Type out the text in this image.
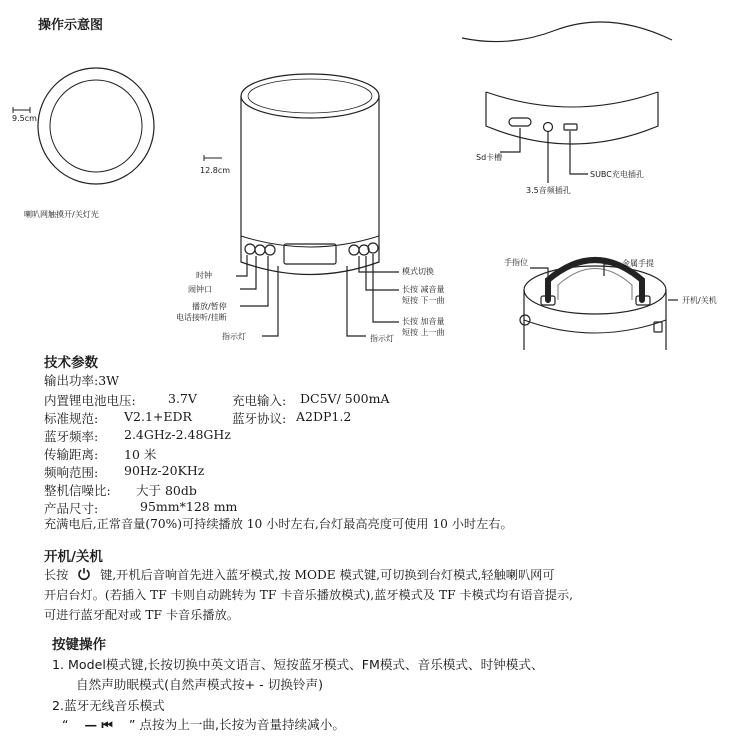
操作示意图
9.5cm
12.8cm
喇叭网触摸开/关灯光
时钟
闹钟口
播放/暂停
电话接听/挂断
指示灯
模式切换
长按 减音量
短按 下一曲
长按 加音量
短按 上一曲
指示灯
Sd卡槽
3.5音频插孔
SUBC充电插孔
手指位	金属手提
开机/关机
技术参数
输出功率:3W
内置锂电池电压:	3.7V	充电输入: DC5V/ 500mA
标准规范: V2.1+EDR	蓝牙协议: A2DP1.2
蓝牙频率: 2.4GHz-2.48GHz
传输距离: 10 米
频响范围: 90Hz-20KHz
整机信噪比: 大于 80db
产品尺寸:	95mm*128 mm
充满电后,正常音量(70%)可持续播放 10 小时左右,台灯最高亮度可使用 10 小时左右。
开机/关机
长按	键,开机后音响首先进入蓝牙模式,按 MODE 模式键,可切换到台灯模式,轻触喇叭网可
开启台灯。(若插入 TF 卡则自动跳转为 TF 卡音乐播放模式),蓝牙模式及 TF 卡模式均有语音提示,
可进行蓝牙配对或 TF 卡音乐播放。
按键操作
1. Model模式键,长按切换中英文语言、短按蓝牙模式、FM模式、音乐模式、时钟模式、
自然声助眠模式(自然声模式按+ - 切换铃声)
2.蓝牙无线音乐模式
“ — ⏮ ” 点按为上一曲,长按为音量持续减小。
